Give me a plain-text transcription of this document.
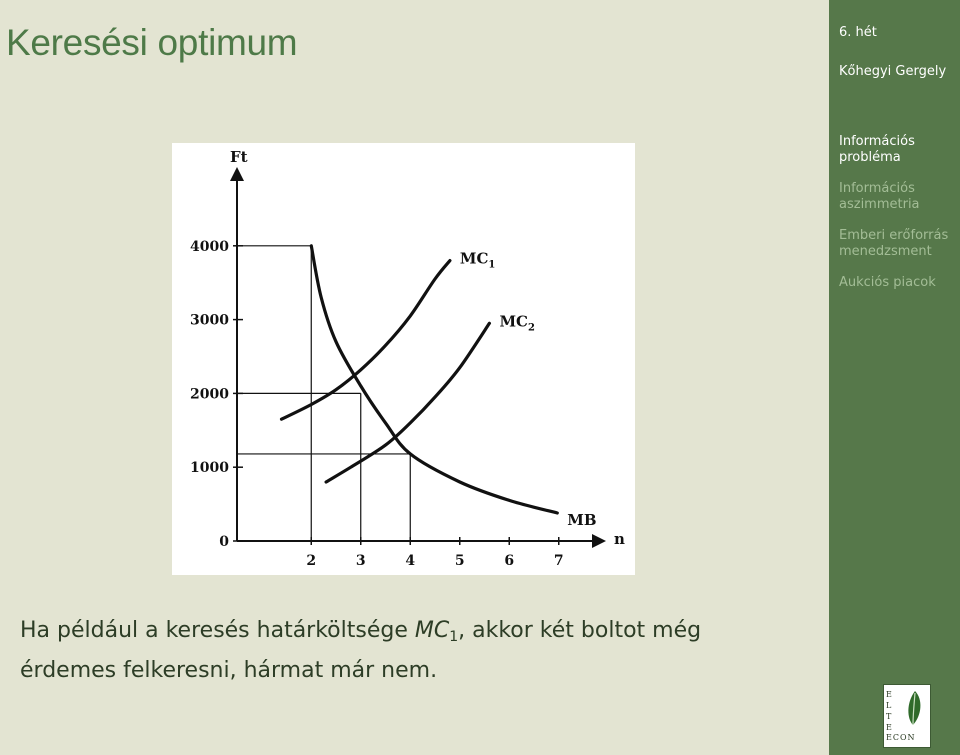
Keresési optimum
Ft
n
2	3	4	5	6	7
0
1000
2000
3000
4000
$MC_1$
$MC_2$
MB
Ha például a keresés határköltsége $MC_1$, akkor két boltot még
érdemes felkeresni, hármat már nem.
6. hét
Kőhegyi Gergely
Információs
probléma
Információs
aszimmetria
Emberi erőforrás
menedzsment
Aukciós piacok
E
L
T
E
ECON
